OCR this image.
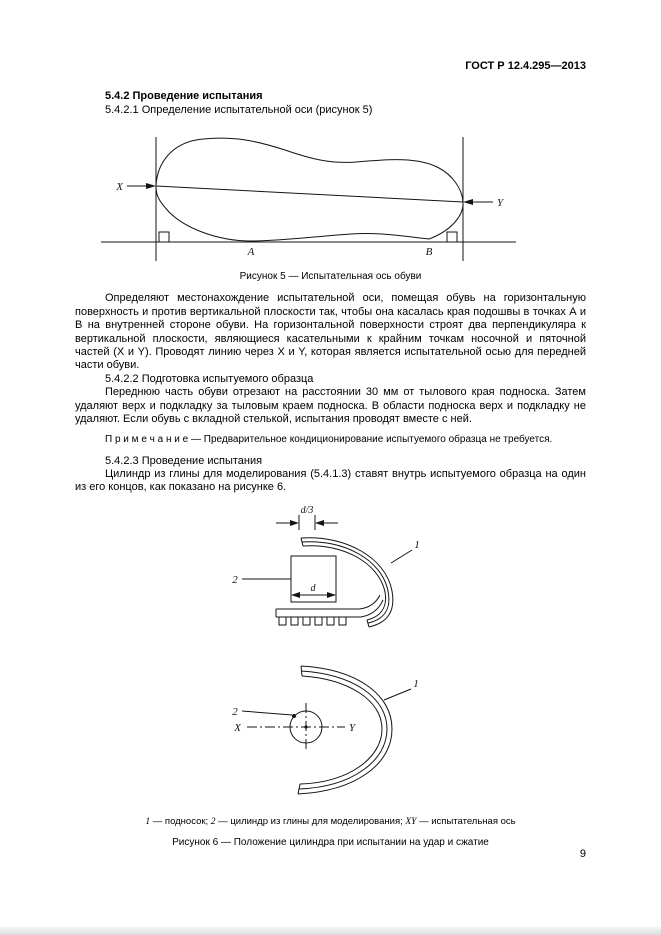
ГОСТ Р 12.4.295—2013

5.4.2 Проведение испытания

5.4.2.1 Определение испытательной оси (рисунок 5)

X
Y
A	B

Рисунок 5 — Испытательная ось обуви

Определяют местонахождение испытательной оси, помещая обувь на горизонтальную поверхность и против вертикальной плоскости так, чтобы она касалась края подошвы в точках А и В на внутренней стороне обуви. На горизонтальной поверхности строят два перпендикуляра к вертикальной плоскости, являющиеся касательными к крайним точкам носочной и пяточной частей (X и Y). Проводят линию через X и Y, которая является испытательной осью для передней части обуви.

5.4.2.2 Подготовка испытуемого образца

Переднюю часть обуви отрезают на расстоянии 30 мм от тылового края подноска. Затем удаляют верх и подкладку за тыловым краем подноска. В области подноска верх и подкладку не удаляют. Если обувь с вкладной стелькой, испытания проводят вместе с ней.

П р и м е ч а н и е — Предварительное кондиционирование испытуемого образца не требуется.

5.4.2.3 Проведение испытания

Цилиндр из глины для моделирования (5.4.1.3) ставят внутрь испытуемого образца на один из его концов, как показано на рисунке 6.

d/3
d
2
1
X	Y
2
1

1 — подносок; 2 — цилиндр из глины для моделирования; XY — испытательная ось

Рисунок 6 — Положение цилиндра при испытании на удар и сжатие

9
